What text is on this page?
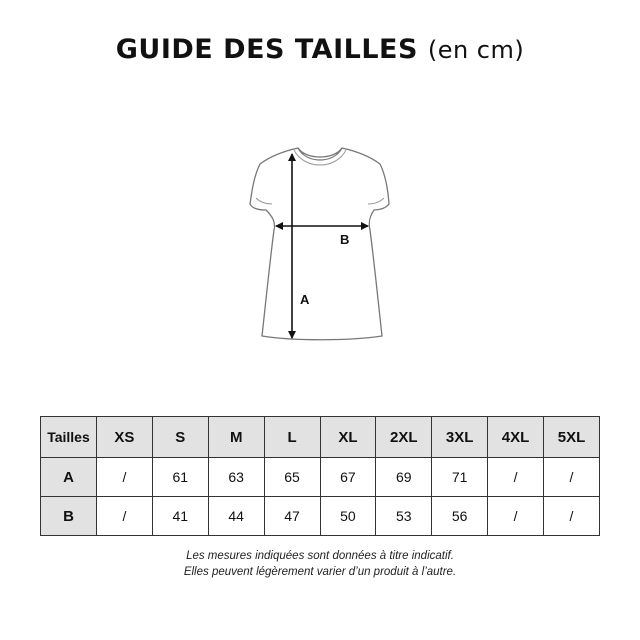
GUIDE DES TAILLES (en cm)
A
B
Tailles	XS	S	M	L	XL	2XL	3XL	4XL	5XL
A	/	61	63	65	67	69	71	/	/
B	/	41	44	47	50	53	56	/	/
Les mesures indiquées sont données à titre indicatif.
Elles peuvent légèrement varier d’un produit à l’autre.
